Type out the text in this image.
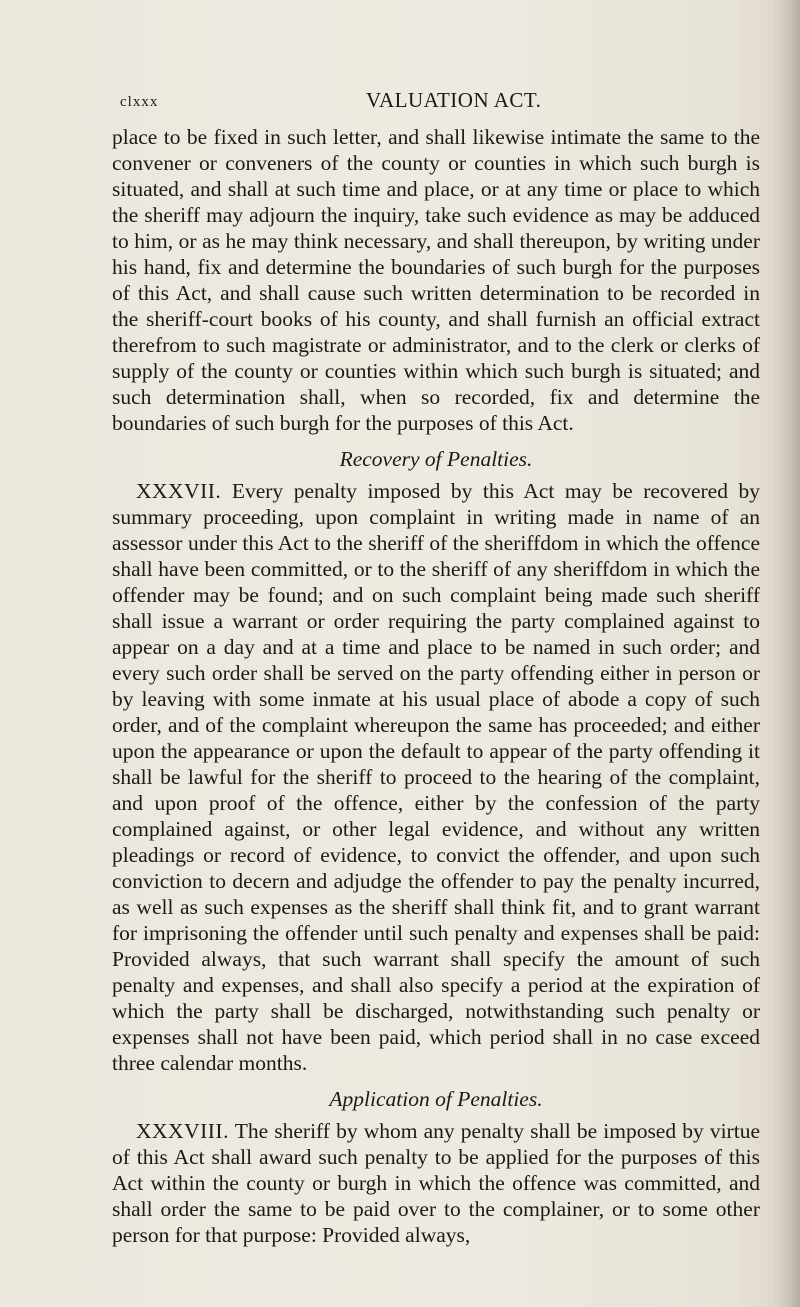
clxxx	VALUATION ACT.

place to be fixed in such letter, and shall likewise intimate the same to the convener or conveners of the county or counties in which such burgh is situated, and shall at such time and place, or at any time or place to which the sheriff may adjourn the inquiry, take such evidence as may be adduced to him, or as he may think necessary, and shall thereupon, by writing under his hand, fix and determine the boundaries of such burgh for the purposes of this Act, and shall cause such written determination to be recorded in the sheriff-court books of his county, and shall furnish an official extract therefrom to such magistrate or administrator, and to the clerk or clerks of supply of the county or counties within which such burgh is situated; and such determination shall, when so recorded, fix and determine the boundaries of such burgh for the purposes of this Act.

Recovery of Penalties.

XXXVII. Every penalty imposed by this Act may be recovered by summary proceeding, upon complaint in writing made in name of an assessor under this Act to the sheriff of the sheriffdom in which the offence shall have been committed, or to the sheriff of any sheriffdom in which the offender may be found; and on such complaint being made such sheriff shall issue a warrant or order requiring the party complained against to appear on a day and at a time and place to be named in such order; and every such order shall be served on the party offending either in person or by leaving with some inmate at his usual place of abode a copy of such order, and of the complaint whereupon the same has proceeded; and either upon the appearance or upon the default to appear of the party offending it shall be lawful for the sheriff to proceed to the hearing of the complaint, and upon proof of the offence, either by the confession of the party complained against, or other legal evidence, and without any written pleadings or record of evidence, to convict the offender, and upon such conviction to decern and adjudge the offender to pay the penalty incurred, as well as such expenses as the sheriff shall think fit, and to grant warrant for imprisoning the offender until such penalty and expenses shall be paid: Provided always, that such warrant shall specify the amount of such penalty and expenses, and shall also specify a period at the expiration of which the party shall be discharged, notwithstanding such penalty or expenses shall not have been paid, which period shall in no case exceed three calendar months.

Application of Penalties.

XXXVIII. The sheriff by whom any penalty shall be imposed by virtue of this Act shall award such penalty to be applied for the purposes of this Act within the county or burgh in which the offence was committed, and shall order the same to be paid over to the complainer, or to some other person for that purpose: Provided always,
